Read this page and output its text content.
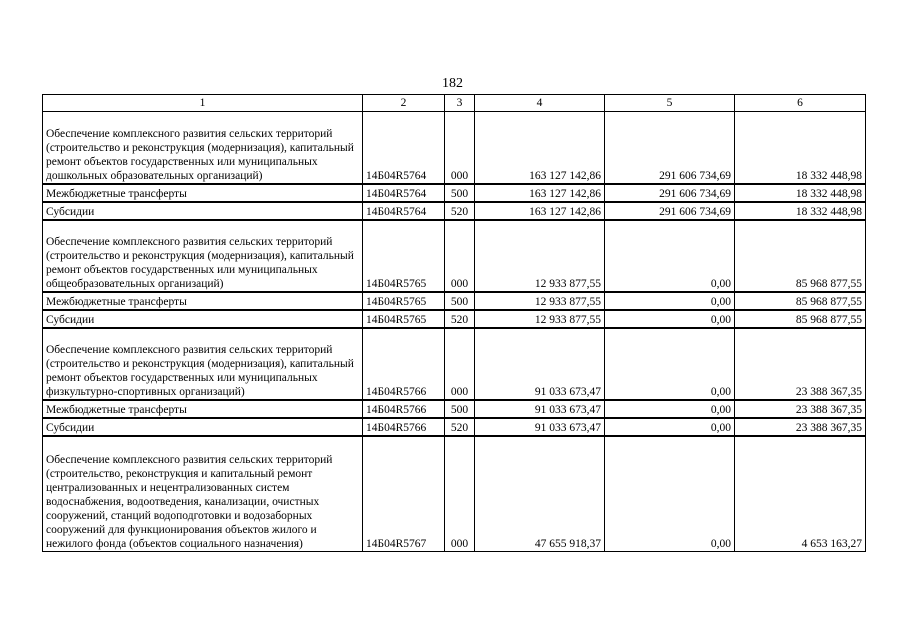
182
1	2	3	4	5	6
Обеспечение комплексного развития сельских территорий (строительство и реконструкция (модернизация), капитальный ремонт объектов государственных или муниципальных дошкольных образовательных организаций)	14Б04R5764	000	163 127 142,86	291 606 734,69	18 332 448,98
Межбюджетные трансферты	14Б04R5764	500	163 127 142,86	291 606 734,69	18 332 448,98
Субсидии	14Б04R5764	520	163 127 142,86	291 606 734,69	18 332 448,98
Обеспечение комплексного развития сельских территорий (строительство и реконструкция (модернизация), капитальный ремонт объектов государственных или муниципальных общеобразовательных организаций)	14Б04R5765	000	12 933 877,55	0,00	85 968 877,55
Межбюджетные трансферты	14Б04R5765	500	12 933 877,55	0,00	85 968 877,55
Субсидии	14Б04R5765	520	12 933 877,55	0,00	85 968 877,55
Обеспечение комплексного развития сельских территорий (строительство и реконструкция (модернизация), капитальный ремонт объектов государственных или муниципальных физкультурно-спортивных организаций)	14Б04R5766	000	91 033 673,47	0,00	23 388 367,35
Межбюджетные трансферты	14Б04R5766	500	91 033 673,47	0,00	23 388 367,35
Субсидии	14Б04R5766	520	91 033 673,47	0,00	23 388 367,35
Обеспечение комплексного развития сельских территорий (строительство, реконструкция и капитальный ремонт централизованных и нецентрализованных систем водоснабжения, водоотведения, канализации, очистных сооружений, станций водоподготовки и водозаборных сооружений для функционирования объектов жилого и нежилого фонда (объектов социального назначения)	14Б04R5767	000	47 655 918,37	0,00	4 653 163,27
